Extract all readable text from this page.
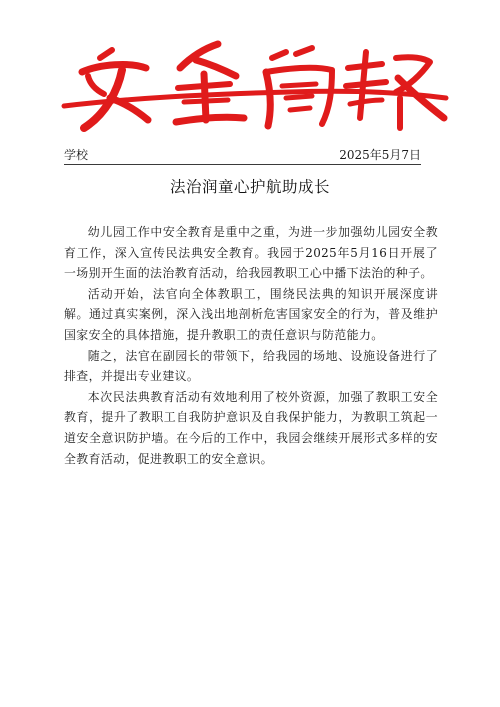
学校	2025年5月7日
法治润童心护航助成长

幼儿园工作中安全教育是重中之重，为进一步加强幼儿园安全教育工作，深入宣传民法典安全教育。我园于2025年5月16日开展了一场别开生面的法治教育活动，给我园教职工心中播下法治的种子。

活动开始，法官向全体教职工，围绕民法典的知识开展深度讲解。通过真实案例，深入浅出地剖析危害国家安全的行为，普及维护国家安全的具体措施，提升教职工的责任意识与防范能力。

随之，法官在副园长的带领下，给我园的场地、设施设备进行了排查，并提出专业建议。

本次民法典教育活动有效地利用了校外资源，加强了教职工安全教育，提升了教职工自我防护意识及自我保护能力，为教职工筑起一道安全意识防护墙。在今后的工作中，我园会继续开展形式多样的安全教育活动，促进教职工的安全意识。
